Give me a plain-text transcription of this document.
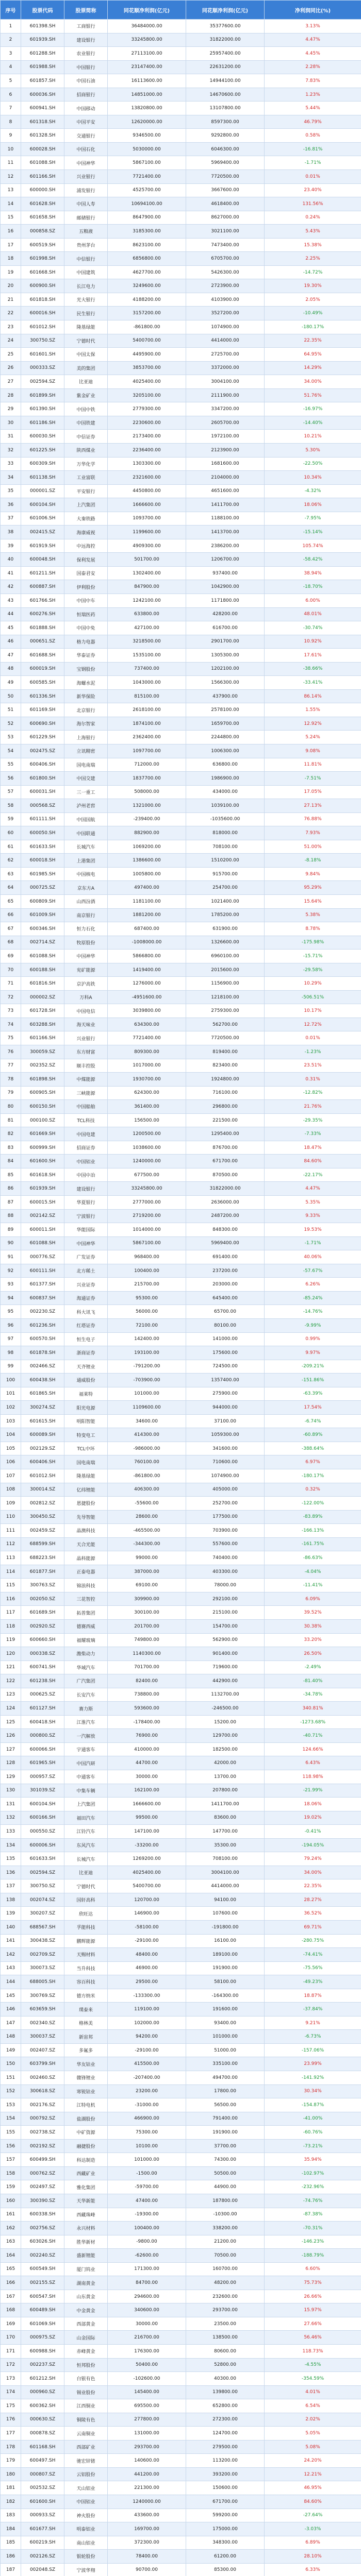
序号	股票代码	股票简称	同花顺净利润(亿元)	同花顺净利润(亿元)	净利润同比(%)
1	601398.SH	工商银行	36484000.00	35377600.00	3.13%
2	601939.SH	建设银行	33245800.00	31822000.00	4.47%
3	601288.SH	农业银行	27113100.00	25957400.00	4.45%
4	601988.SH	中国银行	23147400.00	22631200.00	2.28%
5	601857.SH	中国石油	16113600.00	14944100.00	7.83%
6	600036.SH	招商银行	14851000.00	14670600.00	1.23%
7	600941.SH	中国移动	13820800.00	13107800.00	5.44%
8	601318.SH	中国平安	12620000.00	8597300.00	46.79%
9	601328.SH	交通银行	9346500.00	9292800.00	0.58%
10	600028.SH	中国石化	5030000.00	6046300.00	-16.81%
11	601088.SH	中国神华	5867100.00	5969400.00	-1.71%
12	601166.SH	兴业银行	7721400.00	7720500.00	0.01%
13	600000.SH	浦发银行	4525700.00	3667600.00	23.40%
14	601628.SH	中国人寿	10694100.00	4618400.00	131.56%
15	601658.SH	邮储银行	8647900.00	8627000.00	0.24%
16	000858.SZ	五粮液	3185300.00	3021100.00	5.43%
17	600519.SH	贵州茅台	8623100.00	7473400.00	15.38%
18	601998.SH	中信银行	6856800.00	6705700.00	2.25%
19	601668.SH	中国建筑	4627700.00	5426300.00	-14.72%
20	600900.SH	长江电力	3249600.00	2723900.00	19.30%
21	601818.SH	光大银行	4188200.00	4103900.00	2.05%
22	600016.SH	民生银行	3157200.00	3527200.00	-10.49%
23	601012.SH	隆基绿能	-861800.00	1074900.00	-180.17%
24	300750.SZ	宁德时代	5400700.00	4414000.00	22.35%
25	601601.SH	中国太保	4495900.00	2725700.00	64.95%
26	000333.SZ	美的集团	3853700.00	3372000.00	14.29%
27	002594.SZ	比亚迪	4025400.00	3004100.00	34.00%
28	601899.SH	紫金矿业	3205100.00	2111900.00	51.76%
29	601390.SH	中国中铁	2779300.00	3347200.00	-16.97%
30	601186.SH	中国铁建	2230600.00	2605700.00	-14.40%
31	600030.SH	中信证券	2173400.00	1972100.00	10.21%
32	601225.SH	陕西煤业	2236400.00	2123900.00	5.30%
33	600309.SH	万华化学	1303300.00	1681600.00	-22.50%
34	601138.SH	工业富联	2321600.00	2104000.00	10.34%
35	000001.SZ	平安银行	4450800.00	4651600.00	-4.32%
36	600104.SH	上汽集团	1666600.00	1411700.00	18.06%
37	601006.SH	大秦铁路	1093700.00	1188100.00	-7.95%
38	002415.SZ	海康威视	1199600.00	1413700.00	-15.14%
39	601919.SH	中远海控	4909300.00	2386200.00	105.74%
40	600048.SH	保利发展	501700.00	1206700.00	-58.42%
41	601211.SH	国泰君安	1302400.00	937400.00	38.94%
42	600887.SH	伊利股份	847900.00	1042900.00	-18.70%
43	601766.SH	中国中车	1242100.00	1171800.00	6.00%
44	600276.SH	恒瑞医药	633800.00	428200.00	48.01%
45	601888.SH	中国中免	427100.00	616700.00	-30.74%
46	000651.SZ	格力电器	3218500.00	2901700.00	10.92%
47	601688.SH	华泰证券	1535100.00	1305300.00	17.61%
48	600019.SH	宝钢股份	737400.00	1202100.00	-38.66%
49	600585.SH	海螺水泥	1043000.00	1566300.00	-33.41%
50	601336.SH	新华保险	815100.00	437900.00	86.14%
51	601169.SH	北京银行	2618100.00	2578100.00	1.55%
52	600690.SH	海尔智家	1874100.00	1659700.00	12.92%
53	601229.SH	上海银行	2362400.00	2244800.00	5.24%
54	002475.SZ	立讯精密	1097700.00	1006300.00	9.08%
55	600406.SH	国电南瑞	712000.00	636800.00	11.81%
56	601800.SH	中国交建	1837700.00	1986900.00	-7.51%
57	600031.SH	三一重工	508000.00	434000.00	17.05%
58	000568.SZ	泸州老窖	1321000.00	1039100.00	27.13%
59	601111.SH	中国国航	-239400.00	-1035600.00	76.88%
60	600050.SH	中国联通	882900.00	818000.00	7.93%
61	601633.SH	长城汽车	1069200.00	708100.00	51.00%
62	600018.SH	上港集团	1386600.00	1510200.00	-8.18%
63	601985.SH	中国核电	1005800.00	915700.00	9.84%
64	000725.SZ	京东方A	497400.00	254700.00	95.29%
65	600809.SH	山西汾酒	1181100.00	1021400.00	15.64%
66	601009.SH	南京银行	1881200.00	1785200.00	5.38%
67	600346.SH	恒力石化	687400.00	631900.00	8.78%
68	002714.SZ	牧原股份	-1008000.00	1326600.00	-175.98%
69	601088.SH	中国神华	5866800.00	6960100.00	-15.71%
70	600188.SH	兖矿能源	1419400.00	2015600.00	-29.58%
71	601816.SH	京沪高铁	1276000.00	1156900.00	10.29%
72	000002.SZ	万科A	-4951600.00	1218100.00	-506.51%
73	601728.SH	中国电信	3039800.00	2759300.00	10.17%
74	603288.SH	海天味业	634300.00	562700.00	12.72%
75	601166.SH	兴业银行	7721400.00	7720500.00	0.01%
76	300059.SZ	东方财富	809300.00	819400.00	-1.23%
77	002352.SZ	顺丰控股	1017000.00	823400.00	23.51%
78	601898.SH	中煤能源	1930700.00	1924800.00	0.31%
79	600905.SH	三峡能源	624300.00	716100.00	-12.82%
80	600150.SH	中国船舶	361400.00	296800.00	21.76%
81	000100.SZ	TCL科技	156500.00	221500.00	-29.35%
82	601669.SH	中国电建	1200500.00	1295400.00	-7.33%
83	600999.SH	招商证券	1038600.00	876700.00	18.47%
84	601600.SH	中国铝业	1240000.00	671700.00	84.60%
85	601618.SH	中国中冶	677500.00	870500.00	-22.17%
86	601939.SH	建设银行	33245800.00	31822000.00	4.47%
87	600015.SH	华夏银行	2777000.00	2636000.00	5.35%
88	002142.SZ	宁波银行	2719200.00	2487200.00	9.33%
89	600011.SH	华能国际	1014000.00	848300.00	19.53%
90	601088.SH	中国神华	5867100.00	5969400.00	-1.71%
91	000776.SZ	广发证券	968400.00	691400.00	40.06%
92	600111.SH	北方稀土	100400.00	237200.00	-57.67%
93	601377.SH	兴业证券	215700.00	203000.00	6.26%
94	600837.SH	海通证券	95300.00	645400.00	-85.24%
95	002230.SZ	科大讯飞	56000.00	65700.00	-14.76%
96	601236.SH	红塔证券	72100.00	80100.00	-9.99%
97	600570.SH	恒生电子	142400.00	141000.00	0.99%
98	601878.SH	浙商证券	193100.00	175600.00	9.97%
99	002466.SZ	天齐锂业	-791200.00	724500.00	-209.21%
100	600438.SH	通威股份	-703900.00	1357400.00	-151.86%
101	601865.SH	福莱特	101000.00	275900.00	-63.39%
102	300274.SZ	阳光电源	1109600.00	944000.00	17.54%
103	601615.SH	明阳智能	34600.00	37100.00	-6.74%
104	600089.SH	特变电工	414300.00	1059300.00	-60.89%
105	002129.SZ	TCL中环	-986000.00	341600.00	-388.64%
106	600406.SH	国电南瑞	760100.00	710600.00	6.97%
107	601012.SH	隆基绿能	-861800.00	1074900.00	-180.17%
108	300014.SZ	亿纬锂能	406300.00	405000.00	0.32%
109	002812.SZ	恩捷股份	-55600.00	252700.00	-122.00%
110	300450.SZ	先导智能	28600.00	177500.00	-83.89%
111	002459.SZ	晶澳科技	-465500.00	703900.00	-166.13%
112	688599.SH	天合光能	-344300.00	557600.00	-161.75%
113	688223.SH	晶科能源	99000.00	740400.00	-86.63%
114	601877.SH	正泰电器	387000.00	403300.00	-4.04%
115	300763.SZ	锦浪科技	69100.00	78000.00	-11.41%
116	002050.SZ	三花智控	309900.00	292100.00	6.09%
117	601689.SH	拓普集团	300100.00	215100.00	39.52%
118	002920.SZ	德赛西威	201700.00	154700.00	30.38%
119	600660.SH	福耀玻璃	749800.00	562900.00	33.20%
120	000338.SZ	潍柴动力	1140300.00	901400.00	26.50%
121	600741.SH	华域汽车	701700.00	719600.00	-2.49%
122	601238.SH	广汽集团	82400.00	442900.00	-81.40%
123	000625.SZ	长安汽车	738800.00	1132700.00	-34.78%
124	601127.SH	赛力斯	593600.00	-246500.00	340.81%
125	600418.SH	江淮汽车	-178400.00	15200.00	-1273.68%
126	000800.SZ	一汽解放	76900.00	129700.00	-40.71%
127	600066.SH	宇通客车	410000.00	182500.00	124.66%
128	601965.SH	中国汽研	44700.00	42000.00	6.43%
129	000957.SZ	中通客车	30000.00	13700.00	118.98%
130	301039.SZ	中集车辆	162100.00	207800.00	-21.99%
131	600104.SH	上汽集团	1666600.00	1411700.00	18.06%
132	600166.SH	福田汽车	99500.00	83600.00	19.02%
133	000550.SZ	江铃汽车	147100.00	147700.00	-0.41%
134	600006.SH	东风汽车	-33200.00	35300.00	-194.05%
135	601633.SH	长城汽车	1269200.00	708100.00	79.24%
136	002594.SZ	比亚迪	4025400.00	3004100.00	34.00%
137	300750.SZ	宁德时代	5400700.00	4414000.00	22.35%
138	002074.SZ	国轩高科	120700.00	94100.00	28.27%
139	300207.SZ	欣旺达	146900.00	107600.00	36.52%
140	688567.SH	孚能科技	-58100.00	-191800.00	69.71%
141	300438.SZ	鹏辉能源	-29100.00	16100.00	-280.75%
142	002709.SZ	天赐材料	48400.00	189100.00	-74.41%
143	300073.SZ	当升科技	46900.00	191900.00	-75.56%
144	688005.SH	容百科技	29500.00	58100.00	-49.23%
145	300769.SZ	德方纳米	-133300.00	-164300.00	18.87%
146	603659.SH	璞泰来	119100.00	191600.00	-37.84%
147	002340.SZ	格林美	102000.00	93400.00	9.21%
148	300037.SZ	新宙邦	94200.00	101000.00	-6.73%
149	002407.SZ	多氟多	-29100.00	51000.00	-157.06%
150	603799.SH	华友钴业	415500.00	335100.00	23.99%
151	002460.SZ	赣锋锂业	-207400.00	494700.00	-141.92%
152	300618.SZ	寒锐钴业	23200.00	17800.00	30.34%
153	002176.SZ	江特电机	-31000.00	56500.00	-154.87%
154	000792.SZ	盐湖股份	466900.00	791400.00	-41.00%
155	002738.SZ	中矿资源	75300.00	191900.00	-60.76%
156	002192.SZ	融捷股份	10100.00	37700.00	-73.21%
157	600499.SH	科达制造	101000.00	74300.00	35.94%
158	000762.SZ	西藏矿业	-1500.00	50500.00	-102.97%
159	002497.SZ	雅化集团	-59700.00	44900.00	-232.96%
160	300390.SZ	天华新能	47400.00	187800.00	-74.76%
161	600338.SH	西藏珠峰	-19300.00	-10300.00	-87.38%
162	002756.SZ	永兴材料	100400.00	338200.00	-70.31%
163	603026.SH	胜华新材	-9800.00	21200.00	-146.23%
164	002240.SZ	盛新锂能	-62600.00	70500.00	-188.79%
165	600549.SH	厦门钨业	171300.00	160700.00	6.60%
166	002155.SZ	湖南黄金	84700.00	48200.00	75.73%
167	600547.SH	山东黄金	294600.00	232600.00	26.66%
168	600489.SH	中金黄金	340600.00	293700.00	15.97%
169	601069.SH	西部黄金	30000.00	23500.00	27.66%
170	000975.SZ	山金国际	216700.00	138500.00	56.46%
171	600988.SH	赤峰黄金	176300.00	80600.00	118.73%
172	002237.SZ	恒邦股份	50400.00	52800.00	-4.55%
173	601212.SH	白银有色	-102600.00	40300.00	-354.59%
174	000960.SZ	锡业股份	145400.00	139800.00	4.01%
175	600362.SH	江西铜业	695500.00	652800.00	6.54%
176	000630.SZ	铜陵有色	277800.00	272300.00	2.02%
177	000878.SZ	云南铜业	131000.00	124700.00	5.05%
178	601168.SH	西部矿业	293700.00	279500.00	5.08%
179	600497.SH	驰宏锌锗	140600.00	113200.00	24.20%
180	000807.SZ	云铝股份	441200.00	393200.00	12.21%
181	002532.SZ	天山铝业	221300.00	150600.00	46.95%
182	601600.SH	中国铝业	1240000.00	671700.00	84.60%
183	000933.SZ	神火股份	433600.00	599200.00	-27.64%
184	601677.SH	明泰铝业	169700.00	175000.00	-3.03%
185	600219.SH	南山铝业	372300.00	348300.00	6.89%
186	002126.SZ	银轮股份	78400.00	61200.00	28.10%
187	002048.SZ	宁波华翔	90700.00	85300.00	6.33%
